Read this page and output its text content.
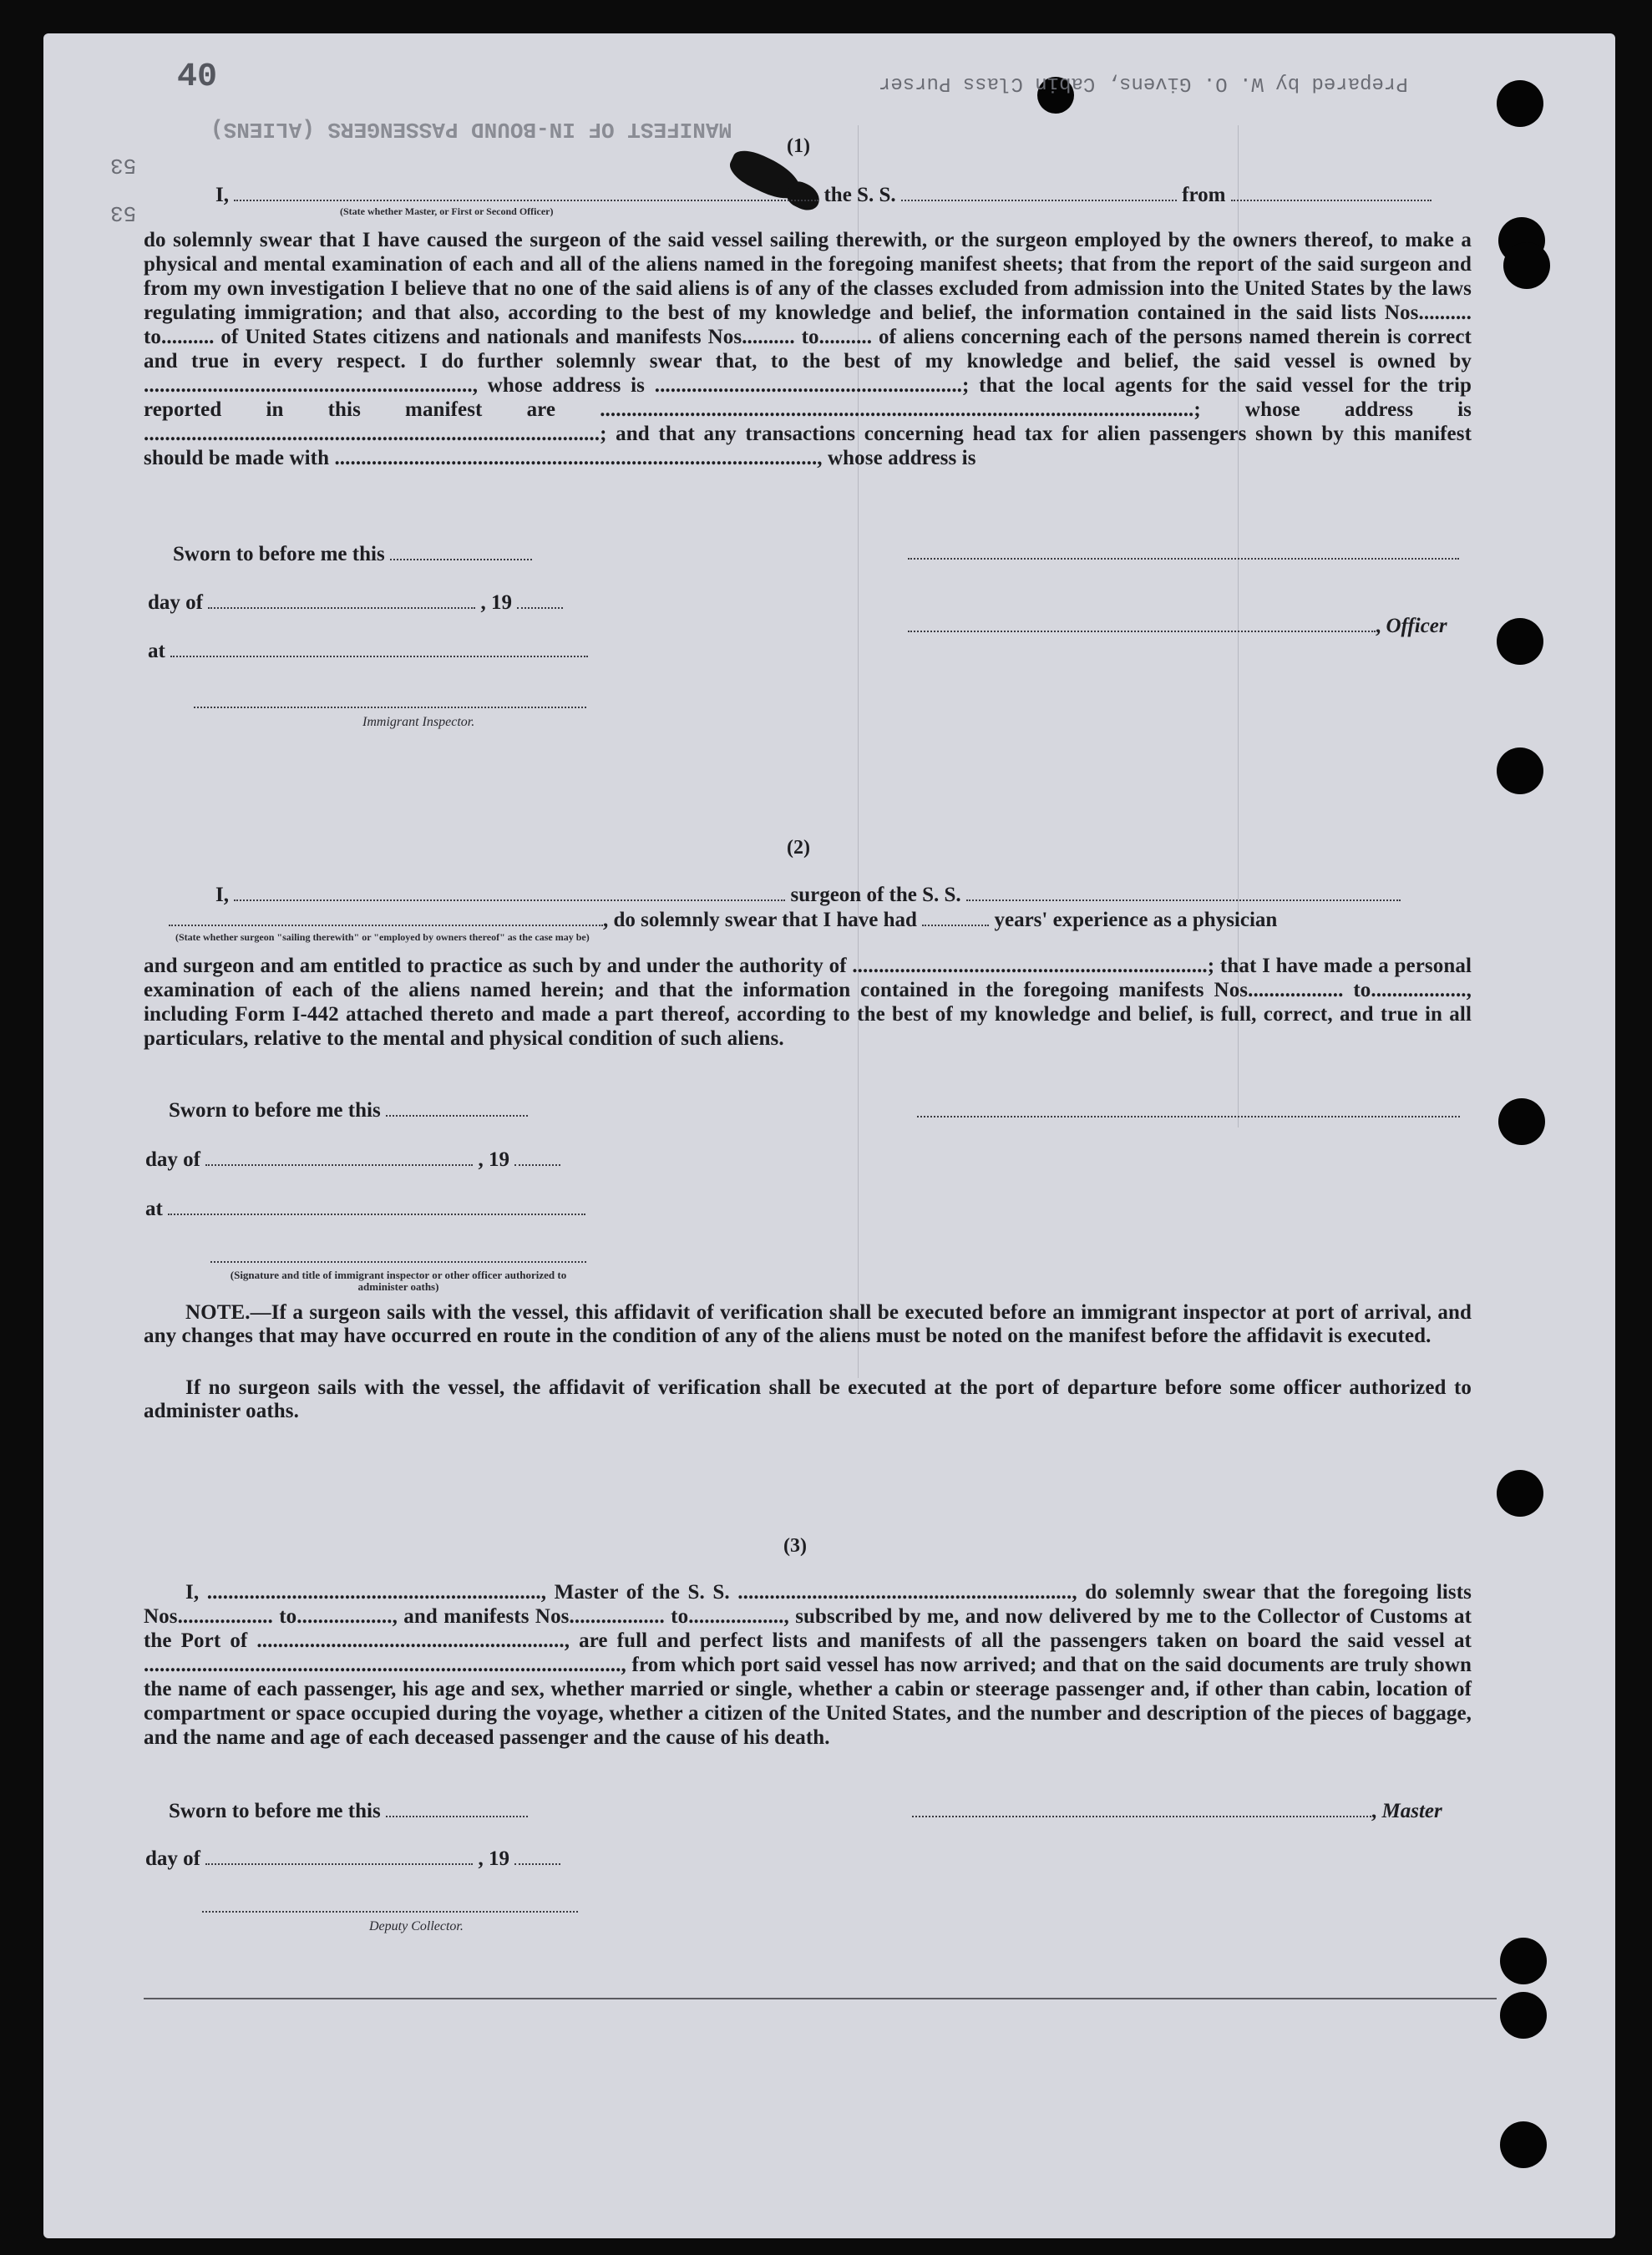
40	Prepared by W. O. Givens, Cabin Class Purser
MANIFEST OF IN-BOUND PASSENGERS (ALIENS)
53
53
(1)
I,	the S. S.	from
(State whether Master, or First or Second Officer)
do solemnly swear that I have caused the surgeon of the said vessel sailing therewith, or the surgeon employed by the owners thereof, to make a physical and mental examination of each and all of the aliens named in the foregoing manifest sheets; that from the report of the said surgeon and from my own investigation I believe that no one of the said aliens is of any of the classes excluded from admission into the United States by the laws regulating immigration; and that also, according to the best of my knowledge and belief, the information contained in the said lists Nos.......... to.......... of United States citizens and nationals and manifests Nos.......... to.......... of aliens concerning each of the persons named therein is correct and true in every respect. I do further solemnly swear that, to the best of my knowledge and belief, the said vessel is owned by .............................................................., whose address is ..........................................................; that the local agents for the said vessel for the trip reported in this manifest are ................................................................................................................; whose address is ......................................................................................; and that any transactions concerning head tax for alien passengers shown by this manifest should be made with ..........................................................................................., whose address is
Sworn to before me this
day of	, 19
, Officer
at
Immigrant Inspector.
(2)
I,	surgeon of the S. S.
, do solemnly swear that I have had	years' experience as a physician
(State whether surgeon "sailing therewith" or "employed by owners thereof" as the case may be)
and surgeon and am entitled to practice as such by and under the authority of ...................................................................; that I have made a personal examination of each of the aliens named herein; and that the information contained in the foregoing manifests Nos.................. to.................., including Form I-442 attached thereto and made a part thereof, according to the best of my knowledge and belief, is full, correct, and true in all particulars, relative to the mental and physical condition of such aliens.
Sworn to before me this
day of	, 19
at
(Signature and title of immigrant inspector or other officer authorized to administer oaths)
NOTE.—If a surgeon sails with the vessel, this affidavit of verification shall be executed before an immigrant inspector at port of arrival, and any changes that may have occurred en route in the condition of any of the aliens must be noted on the manifest before the affidavit is executed.
If no surgeon sails with the vessel, the affidavit of verification shall be executed at the port of departure before some officer authorized to administer oaths.
(3)
I, ..............................................................., Master of the S. S. ..............................................................., do solemnly swear that the foregoing lists Nos.................. to.................., and manifests Nos.................. to.................., subscribed by me, and now delivered by me to the Collector of Customs at the Port of .........................................................., are full and perfect lists and manifests of all the passengers taken on board the said vessel at .........................................................................................., from which port said vessel has now arrived; and that on the said documents are truly shown the name of each passenger, his age and sex, whether married or single, whether a cabin or steerage passenger and, if other than cabin, location of compartment or space occupied during the voyage, whether a citizen of the United States, and the number and description of the pieces of baggage, and the name and age of each deceased passenger and the cause of his death.
Sworn to before me this	, Master
day of	, 19
Deputy Collector.
